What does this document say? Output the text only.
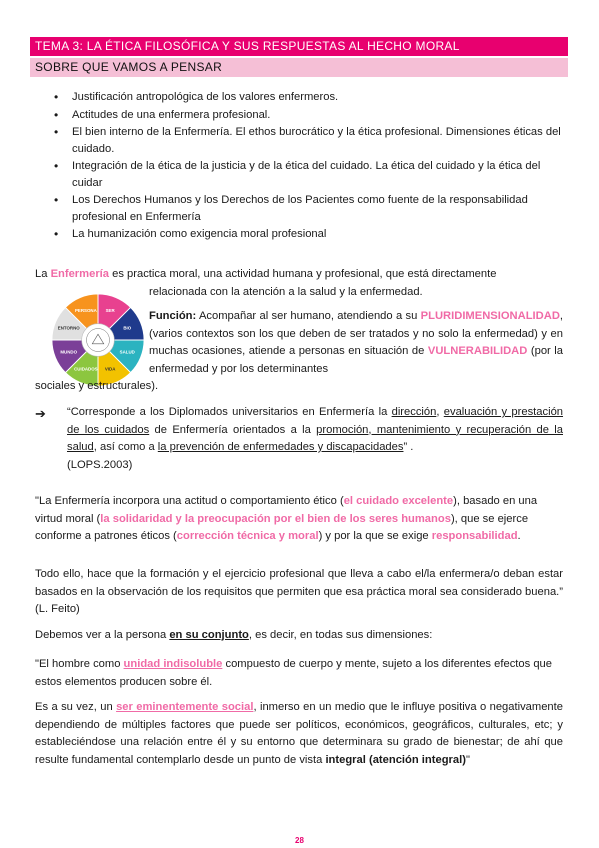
TEMA 3: LA ÉTICA FILOSÓFICA Y SUS RESPUESTAS AL HECHO MORAL
SOBRE QUE VAMOS A PENSAR
• Justificación antropológica de los valores enfermeros.
• Actitudes de una enfermera profesional.
• El bien interno de la Enfermería. El ethos burocrático y la ética profesional. Dimensiones éticas del cuidado.
• Integración de la ética de la justicia y de la ética del cuidado. La ética del cuidado y la ética del cuidar
• Los Derechos Humanos y los Derechos de los Pacientes como fuente de la responsabilidad profesional en Enfermería
• La humanización como exigencia moral profesional
La Enfermería es practica moral, una actividad humana y profesional, que está directamente
relacionada con la atención a la salud y la enfermedad.
SER
BIO
SALUD
VIDA
CUIDADOS
MUNDO
ENTORNO
PERSONA	Función: Acompañar al ser humano, atendiendo a su PLURIDIMENSIONALIDAD, (varios contextos son los que deben de ser tratados y no solo la enfermedad) y en muchas ocasiones, atiende a personas en situación de VULNERABILIDAD (por la enfermedad y por los determinantes
sociales y estructurales).
➔ “Corresponde a los Diplomados universitarios en Enfermería la dirección, evaluación y prestación de los cuidados de Enfermería orientados a la promoción, mantenimiento y recuperación de la salud, así como a la prevención de enfermedades y discapacidades” .
(LOPS.2003)
"La Enfermería incorpora una actitud o comportamiento ético (el cuidado excelente), basado en una virtud moral (la solidaridad y la preocupación por el bien de los seres humanos), que se ejerce conforme a patrones éticos (corrección técnica y moral) y por la que se exige responsabilidad.
Todo ello, hace que la formación y el ejercicio profesional que lleva a cabo el/la enfermera/o deban estar basados en la observación de los requisitos que permiten que esa práctica moral sea considerado buena.” (L. Feito)
Debemos ver a la persona en su conjunto, es decir, en todas sus dimensiones:
"El hombre como unidad indisoluble compuesto de cuerpo y mente, sujeto a los diferentes efectos que estos elementos producen sobre él.
Es a su vez, un ser eminentemente social, inmerso en un medio que le influye positiva o negativamente dependiendo de múltiples factores que puede ser políticos, económicos, geográficos, culturales, etc; y estableciéndose una relación entre él y su entorno que determinara su grado de bienestar; de ahí que resulte fundamental contemplarlo desde un punto de vista integral (atención integral)"
28
